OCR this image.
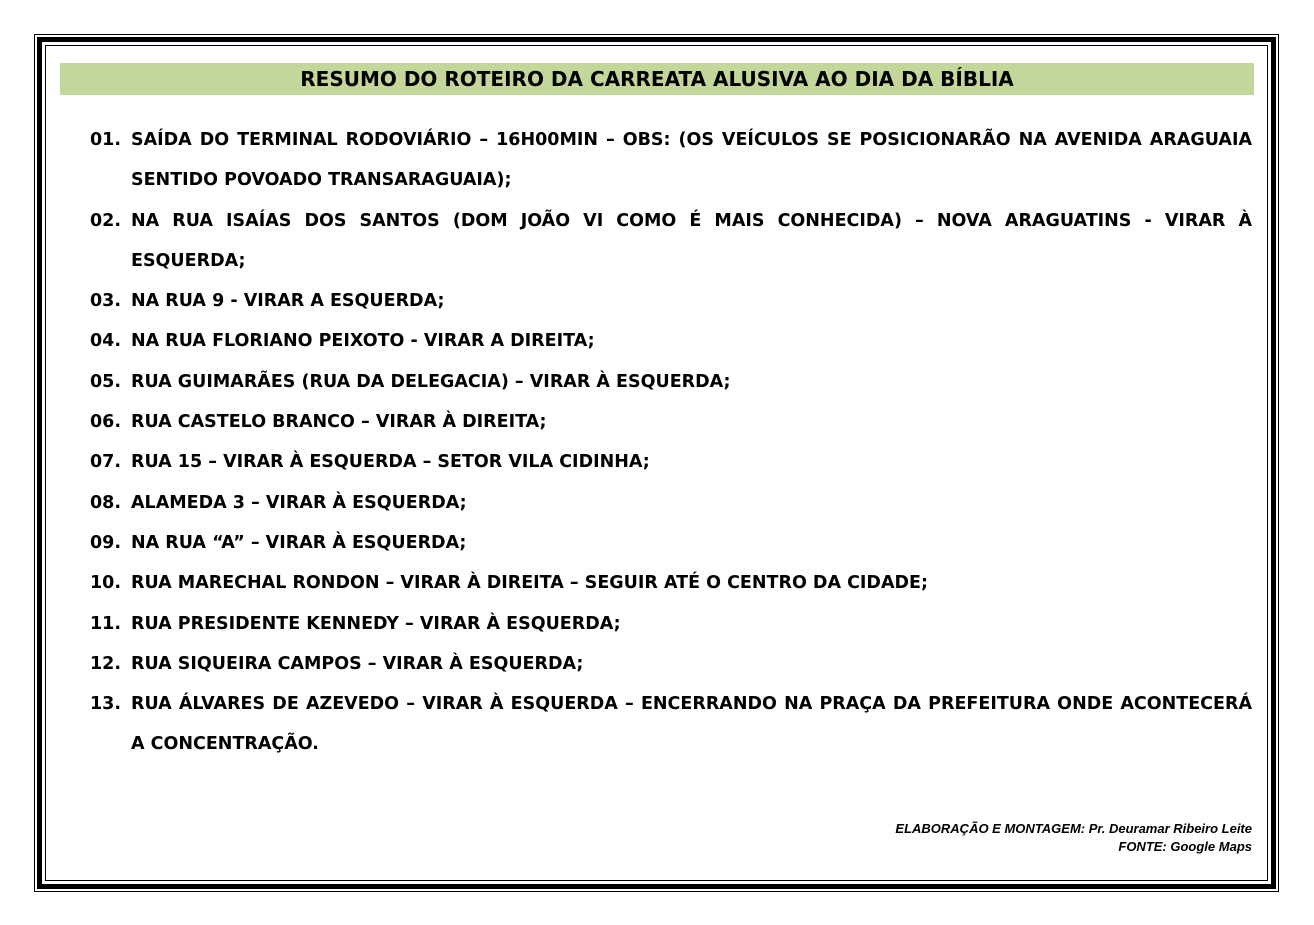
RESUMO DO ROTEIRO DA CARREATA ALUSIVA AO DIA DA BÍBLIA
01. SAÍDA DO TERMINAL RODOVIÁRIO – 16H00MIN – OBS: (OS VEÍCULOS SE POSICIONARÃO NA AVENIDA ARAGUAIA SENTIDO POVOADO TRANSARAGUAIA);
02. NA RUA ISAÍAS DOS SANTOS (DOM JOÃO VI COMO É MAIS CONHECIDA) – NOVA ARAGUATINS - VIRAR À ESQUERDA;
03. NA RUA 9 - VIRAR A ESQUERDA;
04. NA RUA FLORIANO PEIXOTO - VIRAR A DIREITA;
05. RUA GUIMARÃES (RUA DA DELEGACIA) – VIRAR À ESQUERDA;
06. RUA CASTELO BRANCO – VIRAR À DIREITA;
07. RUA 15 – VIRAR À ESQUERDA – SETOR VILA CIDINHA;
08. ALAMEDA 3 – VIRAR À ESQUERDA;
09. NA RUA “A” – VIRAR À ESQUERDA;
10. RUA MARECHAL RONDON – VIRAR À DIREITA – SEGUIR ATÉ O CENTRO DA CIDADE;
11. RUA PRESIDENTE KENNEDY – VIRAR À ESQUERDA;
12. RUA SIQUEIRA CAMPOS – VIRAR À ESQUERDA;
13. RUA ÁLVARES DE AZEVEDO – VIRAR À ESQUERDA – ENCERRANDO NA PRAÇA DA PREFEITURA ONDE ACONTECERÁ A CONCENTRAÇÃO.
ELABORAÇÃO E MONTAGEM: Pr. Deuramar Ribeiro Leite
FONTE: Google Maps
